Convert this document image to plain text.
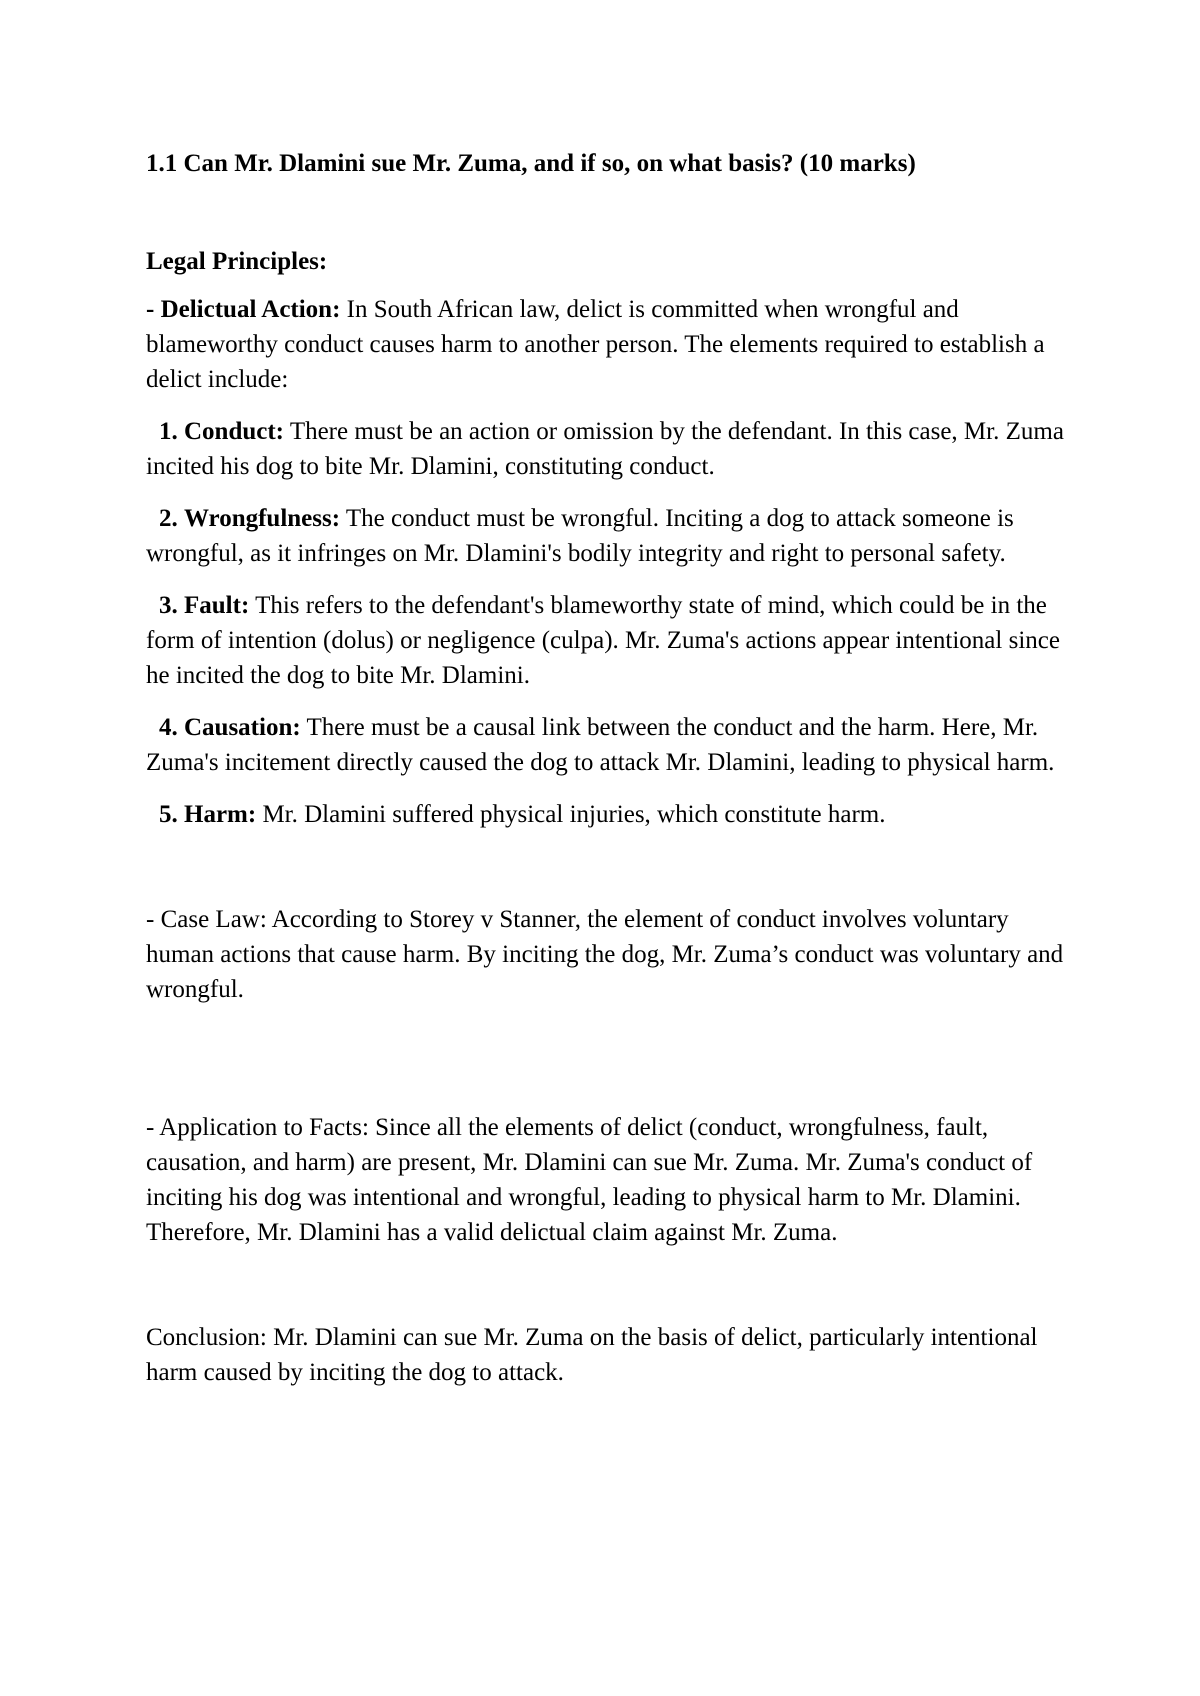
1.1 Can Mr. Dlamini sue Mr. Zuma, and if so, on what basis? (10 marks)

Legal Principles:

- Delictual Action: In South African law, delict is committed when wrongful and blameworthy conduct causes harm to another person. The elements required to establish a delict include:

1. Conduct: There must be an action or omission by the defendant. In this case, Mr. Zuma incited his dog to bite Mr. Dlamini, constituting conduct.

2. Wrongfulness: The conduct must be wrongful. Inciting a dog to attack someone is wrongful, as it infringes on Mr. Dlamini's bodily integrity and right to personal safety.

3. Fault: This refers to the defendant's blameworthy state of mind, which could be in the form of intention (dolus) or negligence (culpa). Mr. Zuma's actions appear intentional since he incited the dog to bite Mr. Dlamini.

4. Causation: There must be a causal link between the conduct and the harm. Here, Mr. Zuma's incitement directly caused the dog to attack Mr. Dlamini, leading to physical harm.

5. Harm: Mr. Dlamini suffered physical injuries, which constitute harm.

- Case Law: According to Storey v Stanner, the element of conduct involves voluntary human actions that cause harm. By inciting the dog, Mr. Zuma’s conduct was voluntary and wrongful.

- Application to Facts: Since all the elements of delict (conduct, wrongfulness, fault, causation, and harm) are present, Mr. Dlamini can sue Mr. Zuma. Mr. Zuma's conduct of inciting his dog was intentional and wrongful, leading to physical harm to Mr. Dlamini. Therefore, Mr. Dlamini has a valid delictual claim against Mr. Zuma.

Conclusion: Mr. Dlamini can sue Mr. Zuma on the basis of delict, particularly intentional harm caused by inciting the dog to attack.
